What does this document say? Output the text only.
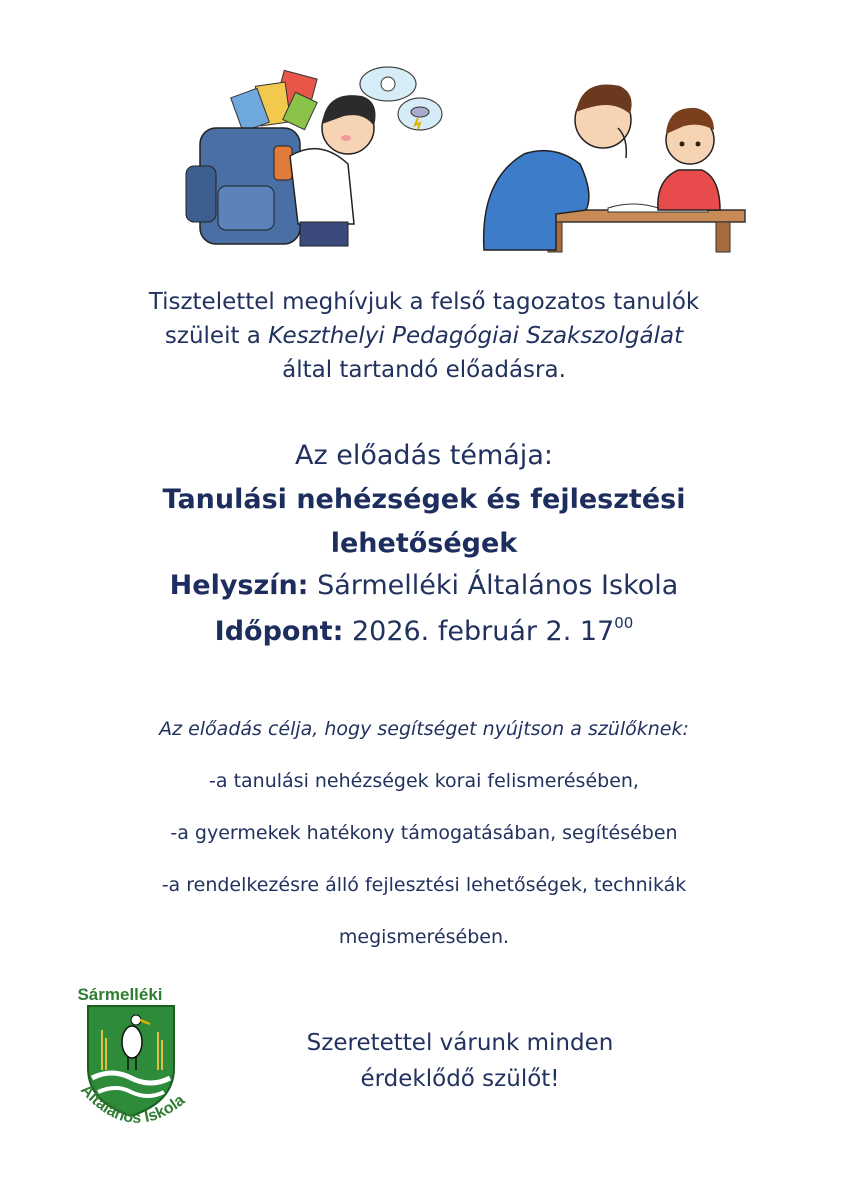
Tisztelettel meghívjuk a felső tagozatos tanulók
szüleit a Keszthelyi Pedagógiai Szakszolgálat
által tartandó előadásra.
Az előadás témája:
Tanulási nehézségek és fejlesztési
lehetőségek
Helyszín: Sármelléki Általános Iskola
Időpont: 2026. február 2. $17^{00}$
Az előadás célja, hogy segítséget nyújtson a szülőknek:
-a tanulási nehézségek korai felismerésében,
-a gyermekek hatékony támogatásában, segítésében
-a rendelkezésre álló fejlesztési lehetőségek, technikák
megismerésében.
Sármelléki
Általános Iskola
Szeretettel várunk minden
érdeklődő szülőt!
